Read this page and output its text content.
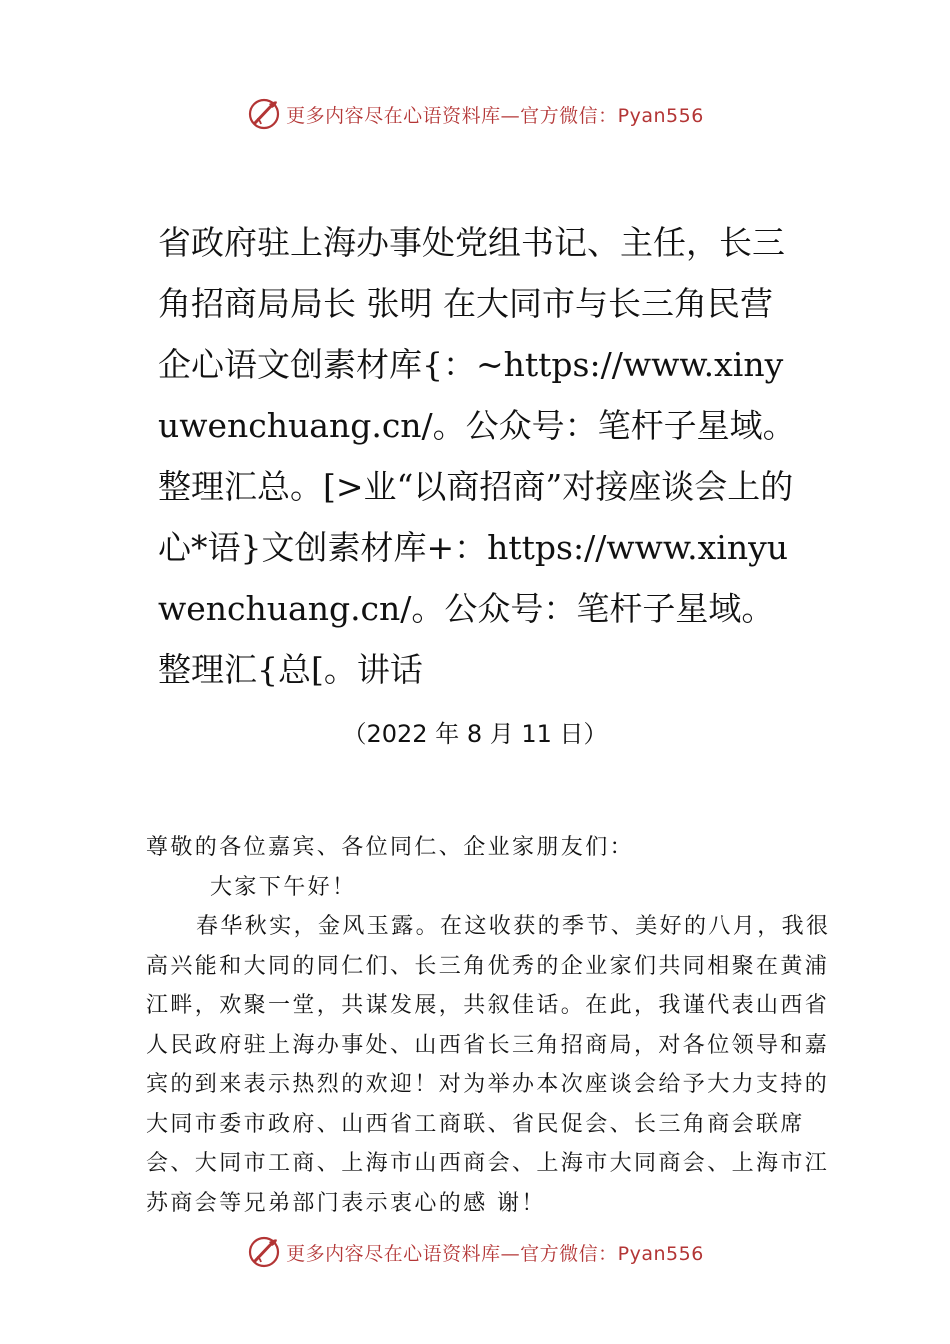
更多内容尽在心语资料库—官方微信：Pyan556

省政府驻上海办事处党组书记、主任，长三角招商局局长 张明 在大同市与长三角民营企心语文创素材库{：~https://www.xinyuwenchuang.cn/。公众号：笔杆子星域。整理汇总。[>业“以商招商”对接座谈会上的心*语}文创素材库+：https://www.xinyuwenchuang.cn/。公众号：笔杆子星域。整理汇{总[。讲话

（2022 年 8 月 11 日）

尊敬的各位嘉宾、各位同仁、企业家朋友们：

大家下午好！

春华秋实，金风玉露。在这收获的季节、美好的八月，我很高兴能和大同的同仁们、长三角优秀的企业家们共同相聚在黄浦江畔，欢聚一堂，共谋发展，共叙佳话。在此，我谨代表山西省人民政府驻上海办事处、山西省长三角招商局，对各位领导和嘉宾的到来表示热烈的欢迎！对为举办本次座谈会给予大力支持的大同市委市政府、山西省工商联、省民促会、长三角商会联席会、大同市工商、上海市山西商会、上海市大同商会、上海市江苏商会等兄弟部门表示衷心的感 谢！

更多内容尽在心语资料库—官方微信：Pyan556
